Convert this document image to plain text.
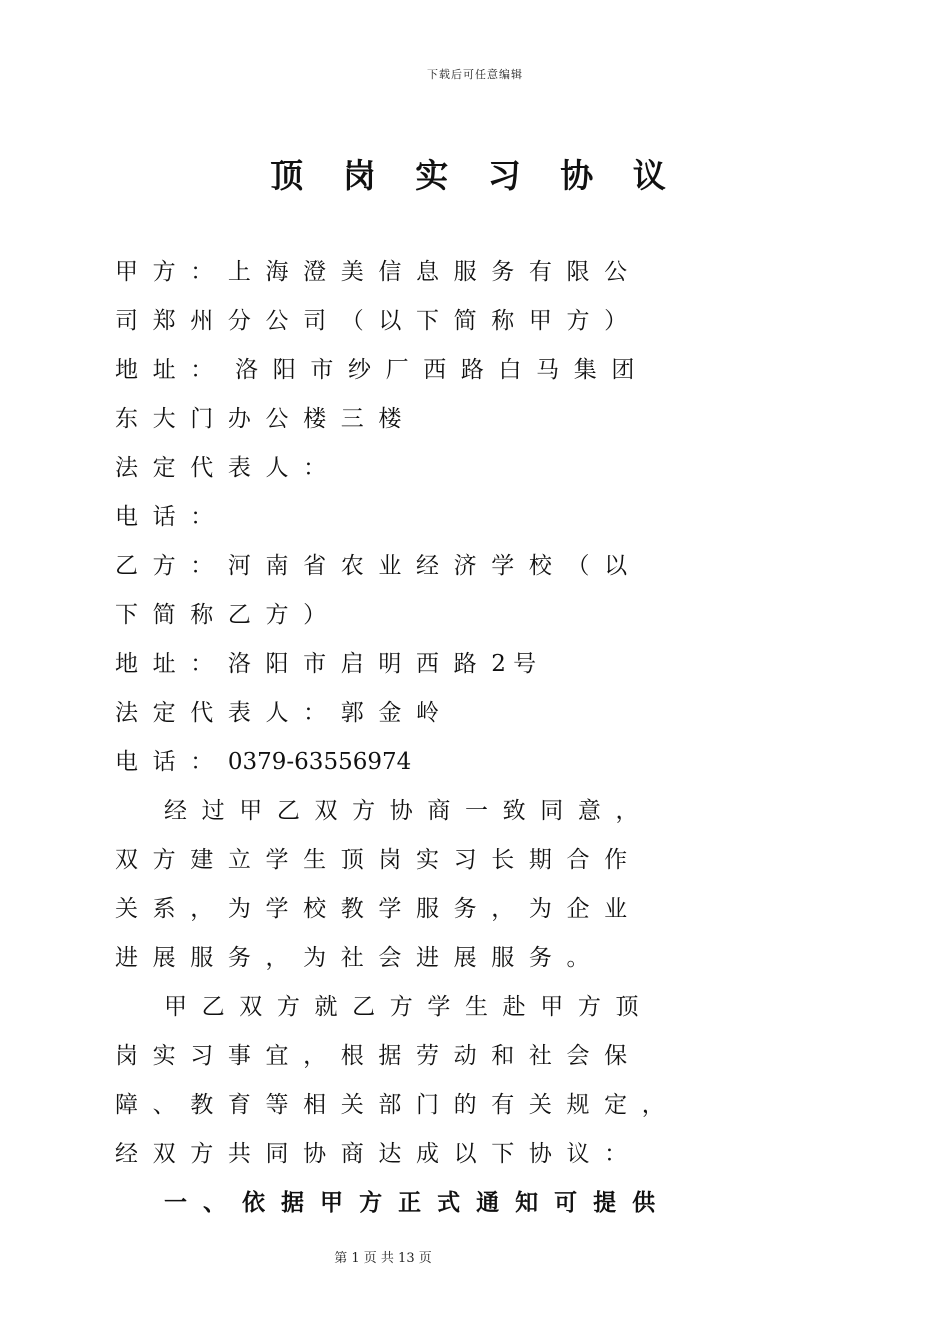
下载后可任意编辑
顶 岗 实 习 协 议
甲  方  ：  上  海  澄  美  信  息  服  务  有  限  公
司  郑  州  分  公  司  （  以  下  简  称  甲  方  ）
地  址  ：   洛  阳  市  纱  厂  西  路  白  马  集  团
东  大  门  办  公  楼  三  楼
法  定  代  表  人  ：
电  话  ：
乙  方  ：  河  南  省  农  业  经  济  学  校  （  以
下  简  称  乙  方  ）
地  址  ：  洛  阳  市  启  明  西  路  2 号
法  定  代  表  人  ：  郭  金  岭
电  话  ：  0379-63556974
经  过  甲  乙  双  方  协  商  一  致  同  意  ，
双  方  建  立  学  生  顶  岗  实  习  长  期  合  作
关  系  ，  为  学  校  教  学  服  务  ，  为  企  业
进  展  服  务  ，  为  社  会  进  展  服  务  。
甲  乙  双  方  就  乙  方  学  生  赴  甲  方  顶
岗  实  习  事  宜  ，  根  据  劳  动  和  社  会  保
障  、  教  育  等  相  关  部  门  的  有  关  规  定  ，
经  双  方  共  同  协  商  达  成  以  下  协  议  ：
一  、  依  据  甲  方  正  式  通  知  可  提  供
第 1 页 共 13 页
